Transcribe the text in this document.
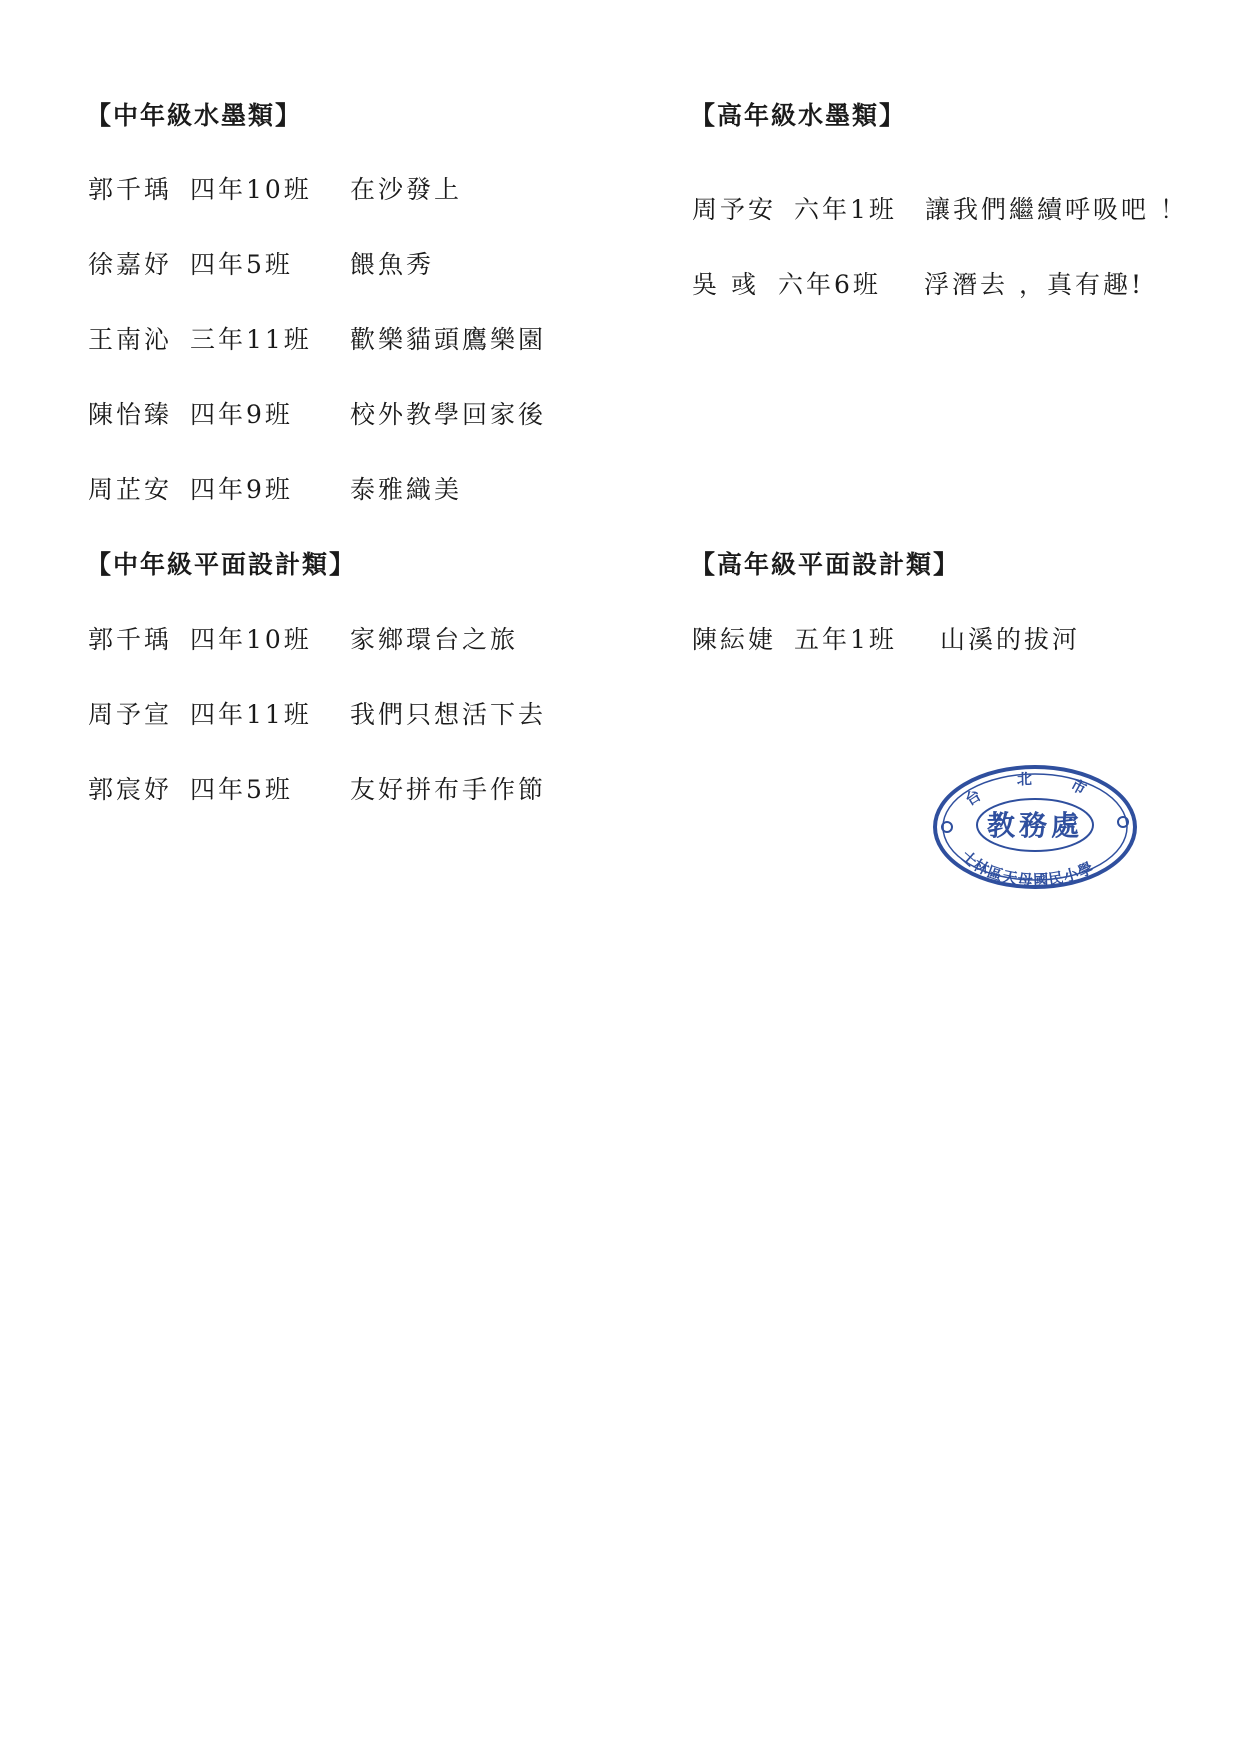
【中年級水墨類】
郭千瑀 四年10班 在沙發上
徐嘉妤 四年5班 餵魚秀
王南沁 三年11班 歡樂貓頭鷹樂園
陳怡臻 四年9班 校外教學回家後
周芷安 四年9班 泰雅織美
【高年級水墨類】
周予安 六年1班 讓我們繼續呼吸吧 ！
吳 彧 六年6班 浮潛去 ，真有趣!
【中年級平面設計類】
郭千瑀 四年10班 家鄉環台之旅
周予宣 四年11班 我們只想活下去
郭宸妤 四年5班 友好拼布手作節
【高年級平面設計類】
陳紜婕 五年1班 山溪的拔河
台 北 市
教務處
士林區天母國民小學
